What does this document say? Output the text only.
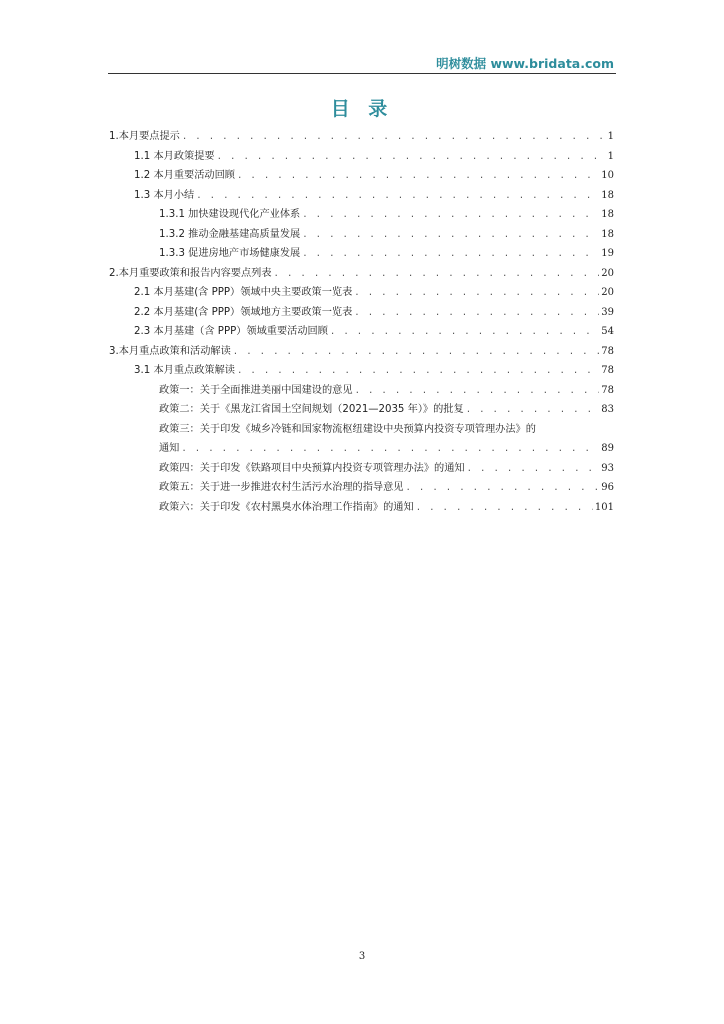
明树数据 www.bridata.com
目 录
1.本月要点提示 . . .	1
1.1 本月政策提要 . . .	1
1.2 本月重要活动回顾 . . .	10
1.3 本月小结 . . .	18
1.3.1 加快建设现代化产业体系 . . .	18
1.3.2 推动金融基建高质量发展 . . .	18
1.3.3 促进房地产市场健康发展 . . .	19
2.本月重要政策和报告内容要点列表 . . .	20
2.1 本月基建(含 PPP）领域中央主要政策一览表 . . .	20
2.2 本月基建(含 PPP）领域地方主要政策一览表 . . .	39
2.3 本月基建（含 PPP）领域重要活动回顾 . . .	54
3.本月重点政策和活动解读 . . .	78
3.1 本月重点政策解读 . . .	78
政策一：关于全面推进美丽中国建设的意见 . . .	78
政策二：关于《黑龙江省国土空间规划（2021—2035 年）》的批复 . . .	83
政策三：关于印发《城乡冷链和国家物流枢纽建设中央预算内投资专项管理办法》的
通知 . . .	89
政策四：关于印发《铁路项目中央预算内投资专项管理办法》的通知 . . .	93
政策五：关于进一步推进农村生活污水治理的指导意见 . . .	96
政策六：关于印发《农村黑臭水体治理工作指南》的通知 . . .	101
3
